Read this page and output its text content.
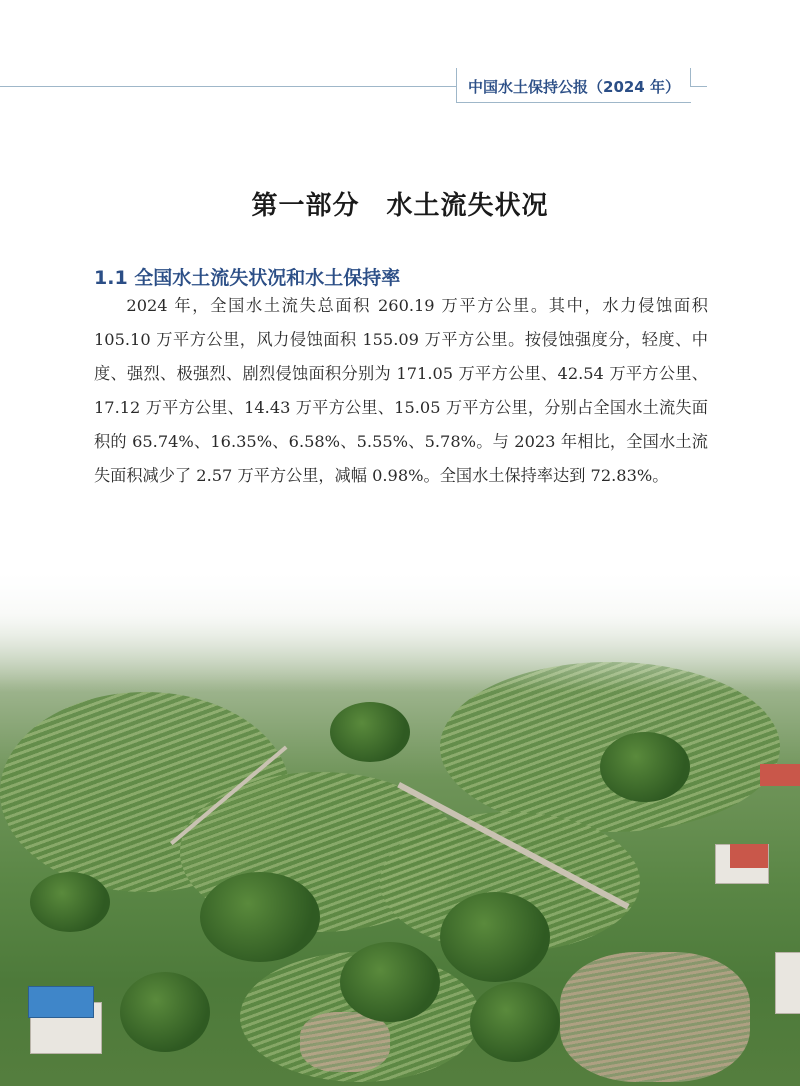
中国水土保持公报（2024 年）
第一部分　水土流失状况
1.1 全国水土流失状况和水土保持率

2024 年，全国水土流失总面积 260.19 万平方公里。其中，水力侵蚀面积 105.10 万平方公里，风力侵蚀面积 155.09 万平方公里。按侵蚀强度分，轻度、中度、强烈、极强烈、剧烈侵蚀面积分别为 171.05 万平方公里、42.54 万平方公里、17.12 万平方公里、14.43 万平方公里、15.05 万平方公里，分别占全国水土流失面积的 65.74%、16.35%、6.58%、5.55%、5.78%。与 2023 年相比，全国水土流失面积减少了 2.57 万平方公里，减幅 0.98%。全国水土保持率达到 72.83%。
